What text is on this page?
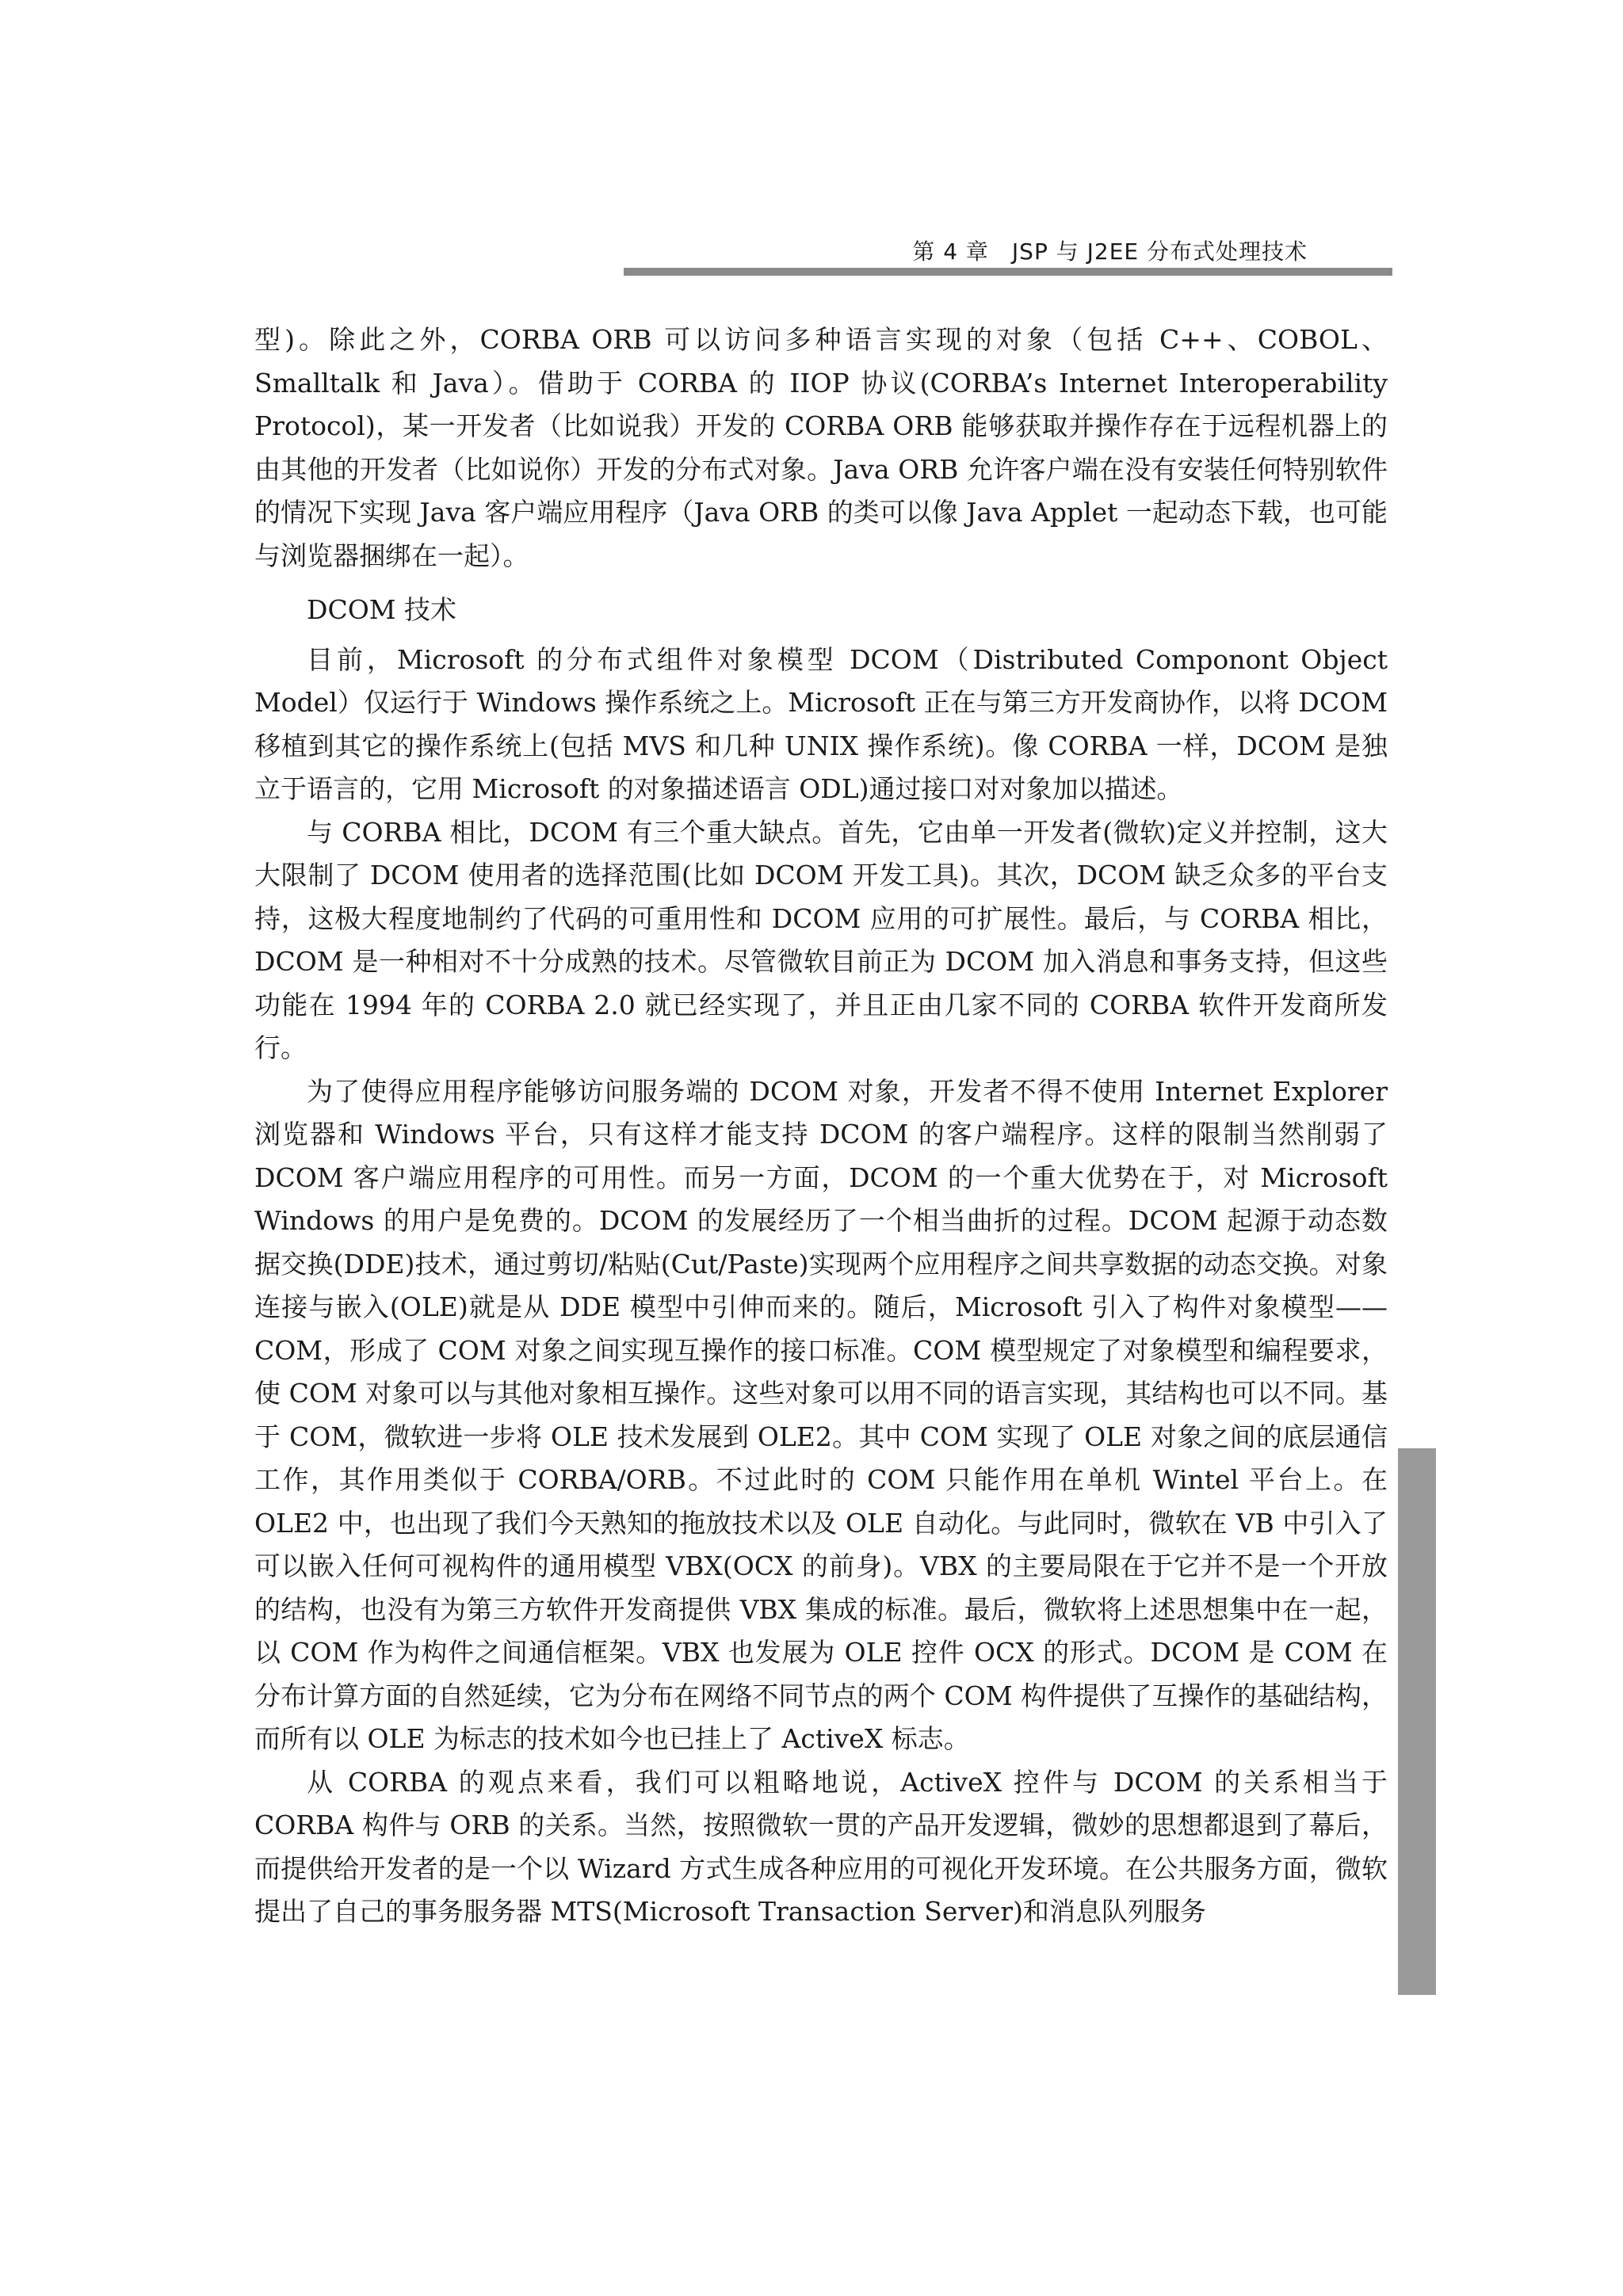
第 4 章　JSP 与 J2EE 分布式处理技术

型)。除此之外，CORBA ORB 可以访问多种语言实现的对象（包括 C++、COBOL、Smalltalk 和 Java）。借助于 CORBA 的 IIOP 协议(CORBA’s Internet Interoperability Protocol)，某一开发者（比如说我）开发的 CORBA ORB 能够获取并操作存在于远程机器上的由其他的开发者（比如说你）开发的分布式对象。Java ORB 允许客户端在没有安装任何特别软件的情况下实现 Java 客户端应用程序（Java ORB 的类可以像 Java Applet 一起动态下载，也可能与浏览器捆绑在一起）。

DCOM 技术

目前，Microsoft 的分布式组件对象模型 DCOM（Distributed Componont Object Model）仅运行于 Windows 操作系统之上。Microsoft 正在与第三方开发商协作，以将 DCOM 移植到其它的操作系统上(包括 MVS 和几种 UNIX 操作系统)。像 CORBA 一样，DCOM 是独立于语言的，它用 Microsoft 的对象描述语言 ODL)通过接口对对象加以描述。

与 CORBA 相比，DCOM 有三个重大缺点。首先，它由单一开发者(微软)定义并控制，这大大限制了 DCOM 使用者的选择范围(比如 DCOM 开发工具)。其次，DCOM 缺乏众多的平台支持，这极大程度地制约了代码的可重用性和 DCOM 应用的可扩展性。最后，与 CORBA 相比，DCOM 是一种相对不十分成熟的技术。尽管微软目前正为 DCOM 加入消息和事务支持，但这些功能在 1994 年的 CORBA 2.0 就已经实现了，并且正由几家不同的 CORBA 软件开发商所发行。

为了使得应用程序能够访问服务端的 DCOM 对象，开发者不得不使用 Internet Explorer 浏览器和 Windows 平台，只有这样才能支持 DCOM 的客户端程序。这样的限制当然削弱了 DCOM 客户端应用程序的可用性。而另一方面，DCOM 的一个重大优势在于，对 Microsoft Windows 的用户是免费的。DCOM 的发展经历了一个相当曲折的过程。DCOM 起源于动态数据交换(DDE)技术，通过剪切/粘贴(Cut/Paste)实现两个应用程序之间共享数据的动态交换。对象连接与嵌入(OLE)就是从 DDE 模型中引伸而来的。随后，Microsoft 引入了构件对象模型——COM，形成了 COM 对象之间实现互操作的接口标准。COM 模型规定了对象模型和编程要求，使 COM 对象可以与其他对象相互操作。这些对象可以用不同的语言实现，其结构也可以不同。基于 COM，微软进一步将 OLE 技术发展到 OLE2。其中 COM 实现了 OLE 对象之间的底层通信工作，其作用类似于 CORBA/ORB。不过此时的 COM 只能作用在单机 Wintel 平台上。在 OLE2 中，也出现了我们今天熟知的拖放技术以及 OLE 自动化。与此同时，微软在 VB 中引入了可以嵌入任何可视构件的通用模型 VBX(OCX 的前身)。VBX 的主要局限在于它并不是一个开放的结构，也没有为第三方软件开发商提供 VBX 集成的标准。最后，微软将上述思想集中在一起，以 COM 作为构件之间通信框架。VBX 也发展为 OLE 控件 OCX 的形式。DCOM 是 COM 在分布计算方面的自然延续，它为分布在网络不同节点的两个 COM 构件提供了互操作的基础结构，而所有以 OLE 为标志的技术如今也已挂上了 ActiveX 标志。

从 CORBA 的观点来看，我们可以粗略地说，ActiveX 控件与 DCOM 的关系相当于 CORBA 构件与 ORB 的关系。当然，按照微软一贯的产品开发逻辑，微妙的思想都退到了幕后，而提供给开发者的是一个以 Wizard 方式生成各种应用的可视化开发环境。在公共服务方面，微软提出了自己的事务服务器 MTS(Microsoft Transaction Server)和消息队列服务
